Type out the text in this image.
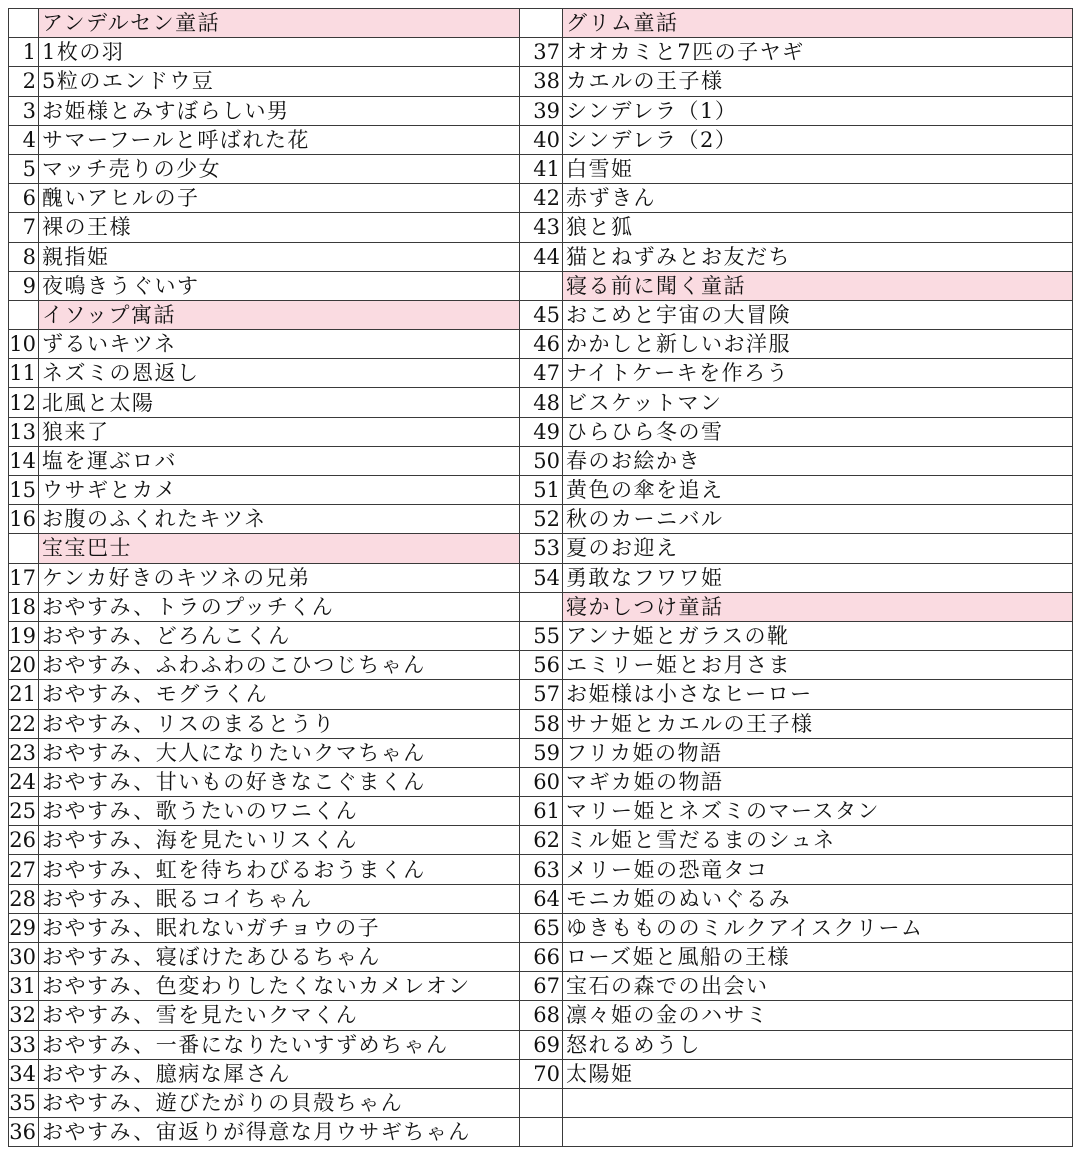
	アンデルセン童話		グリム童話
1	1枚の羽	37	オオカミと7匹の子ヤギ
2	5粒のエンドウ豆	38	カエルの王子様
3	お姫様とみすぼらしい男	39	シンデレラ（1）
4	サマーフールと呼ばれた花	40	シンデレラ（2）
5	マッチ売りの少女	41	白雪姫
6	醜いアヒルの子	42	赤ずきん
7	裸の王様	43	狼と狐
8	親指姫	44	猫とねずみとお友だち
9	夜鳴きうぐいす		寝る前に聞く童話
	イソップ寓話	45	おこめと宇宙の大冒険
10	ずるいキツネ	46	かかしと新しいお洋服
11	ネズミの恩返し	47	ナイトケーキを作ろう
12	北風と太陽	48	ビスケットマン
13	狼来了	49	ひらひら冬の雪
14	塩を運ぶロバ	50	春のお絵かき
15	ウサギとカメ	51	黄色の傘を追え
16	お腹のふくれたキツネ	52	秋のカーニバル
	宝宝巴士	53	夏のお迎え
17	ケンカ好きのキツネの兄弟	54	勇敢なフワワ姫
18	おやすみ、トラのプッチくん		寝かしつけ童話
19	おやすみ、どろんこくん	55	アンナ姫とガラスの靴
20	おやすみ、ふわふわのこひつじちゃん	56	エミリー姫とお月さま
21	おやすみ、モグラくん	57	お姫様は小さなヒーロー
22	おやすみ、リスのまるとうり	58	サナ姫とカエルの王子様
23	おやすみ、大人になりたいクマちゃん	59	フリカ姫の物語
24	おやすみ、甘いもの好きなこぐまくん	60	マギカ姫の物語
25	おやすみ、歌うたいのワニくん	61	マリー姫とネズミのマースタン
26	おやすみ、海を見たいリスくん	62	ミル姫と雪だるまのシュネ
27	おやすみ、虹を待ちわびるおうまくん	63	メリー姫の恐竜タコ
28	おやすみ、眠るコイちゃん	64	モニカ姫のぬいぐるみ
29	おやすみ、眠れないガチョウの子	65	ゆきももののミルクアイスクリーム
30	おやすみ、寝ぼけたあひるちゃん	66	ローズ姫と風船の王様
31	おやすみ、色変わりしたくないカメレオン	67	宝石の森での出会い
32	おやすみ、雪を見たいクマくん	68	凛々姫の金のハサミ
33	おやすみ、一番になりたいすずめちゃん	69	怒れるめうし
34	おやすみ、臆病な犀さん	70	太陽姫
35	おやすみ、遊びたがりの貝殻ちゃん		
36	おやすみ、宙返りが得意な月ウサギちゃん		
